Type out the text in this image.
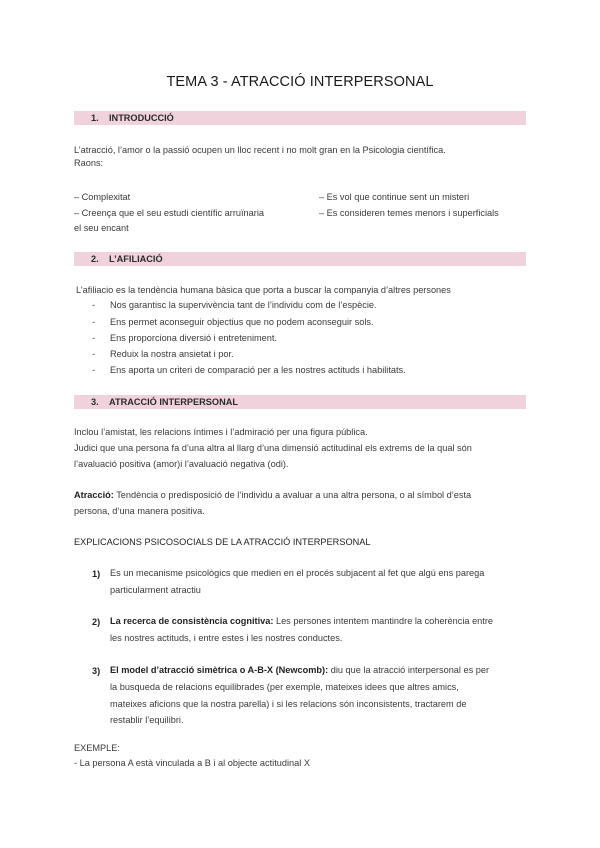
TEMA 3 - ATRACCIÓ INTERPERSONAL
1. INTRODUCCIÓ
L’atracció, l’amor o la passió ocupen un lloc recent i no molt gran en la Psicologia científica.
Raons:
– Complexitat
– Creença que el seu estudi científic arruïnaria
el seu encant
– Es vol que continue sent un misteri
– Es consideren temes menors i superficials
2. L’AFILIACIÓ
L’afiliacio es la tendència humana bàsica que porta a buscar la companyia d’altres persones
- Nos garantisc la supervivència tant de l’individu com de l’espècie.
- Ens permet aconseguir objectius que no podem aconseguir sols.
- Ens proporciona diversió i entreteniment.
- Reduix la nostra ansietat i por.
- Ens aporta un criteri de comparació per a les nostres actituds i habilitats.
3. ATRACCIÓ INTERPERSONAL
Inclou l’amistat, les relacions íntimes i l’admiració per una figura pública.
Judici que una persona fa d’una altra al llarg d’una dimensió actitudinal els extrems de la qual són
l’avaluació positiva (amor)i l’avaluació negativa (odi).
Atracció: Tendència o predisposició de l’individu a avaluar a una altra persona, o al símbol d’esta
persona, d’una manera positiva.
EXPLICACIONS PSICOSOCIALS DE LA ATRACCIÓ INTERPERSONAL
1) Es un mecanisme psicològics que medien en el procés subjacent al fet que algú ens parega
particularment atractiu
2) La recerca de consistència cognitiva: Les persones intentem mantindre la coherència entre
les nostres actituds, i entre estes i les nostres conductes.
3) El model d’atracció simètrica o A-B-X (Newcomb): diu que la atracció interpersonal es per
la busqueda de relacions equilibrades (per exemple, mateixes idees que altres amics,
mateixes aficions que la nostra parella) i si les relacions són inconsistents, tractarem de
restablir l’equilibri.
EXEMPLE:
- La persona A està vinculada a B i al objecte actitudinal X
